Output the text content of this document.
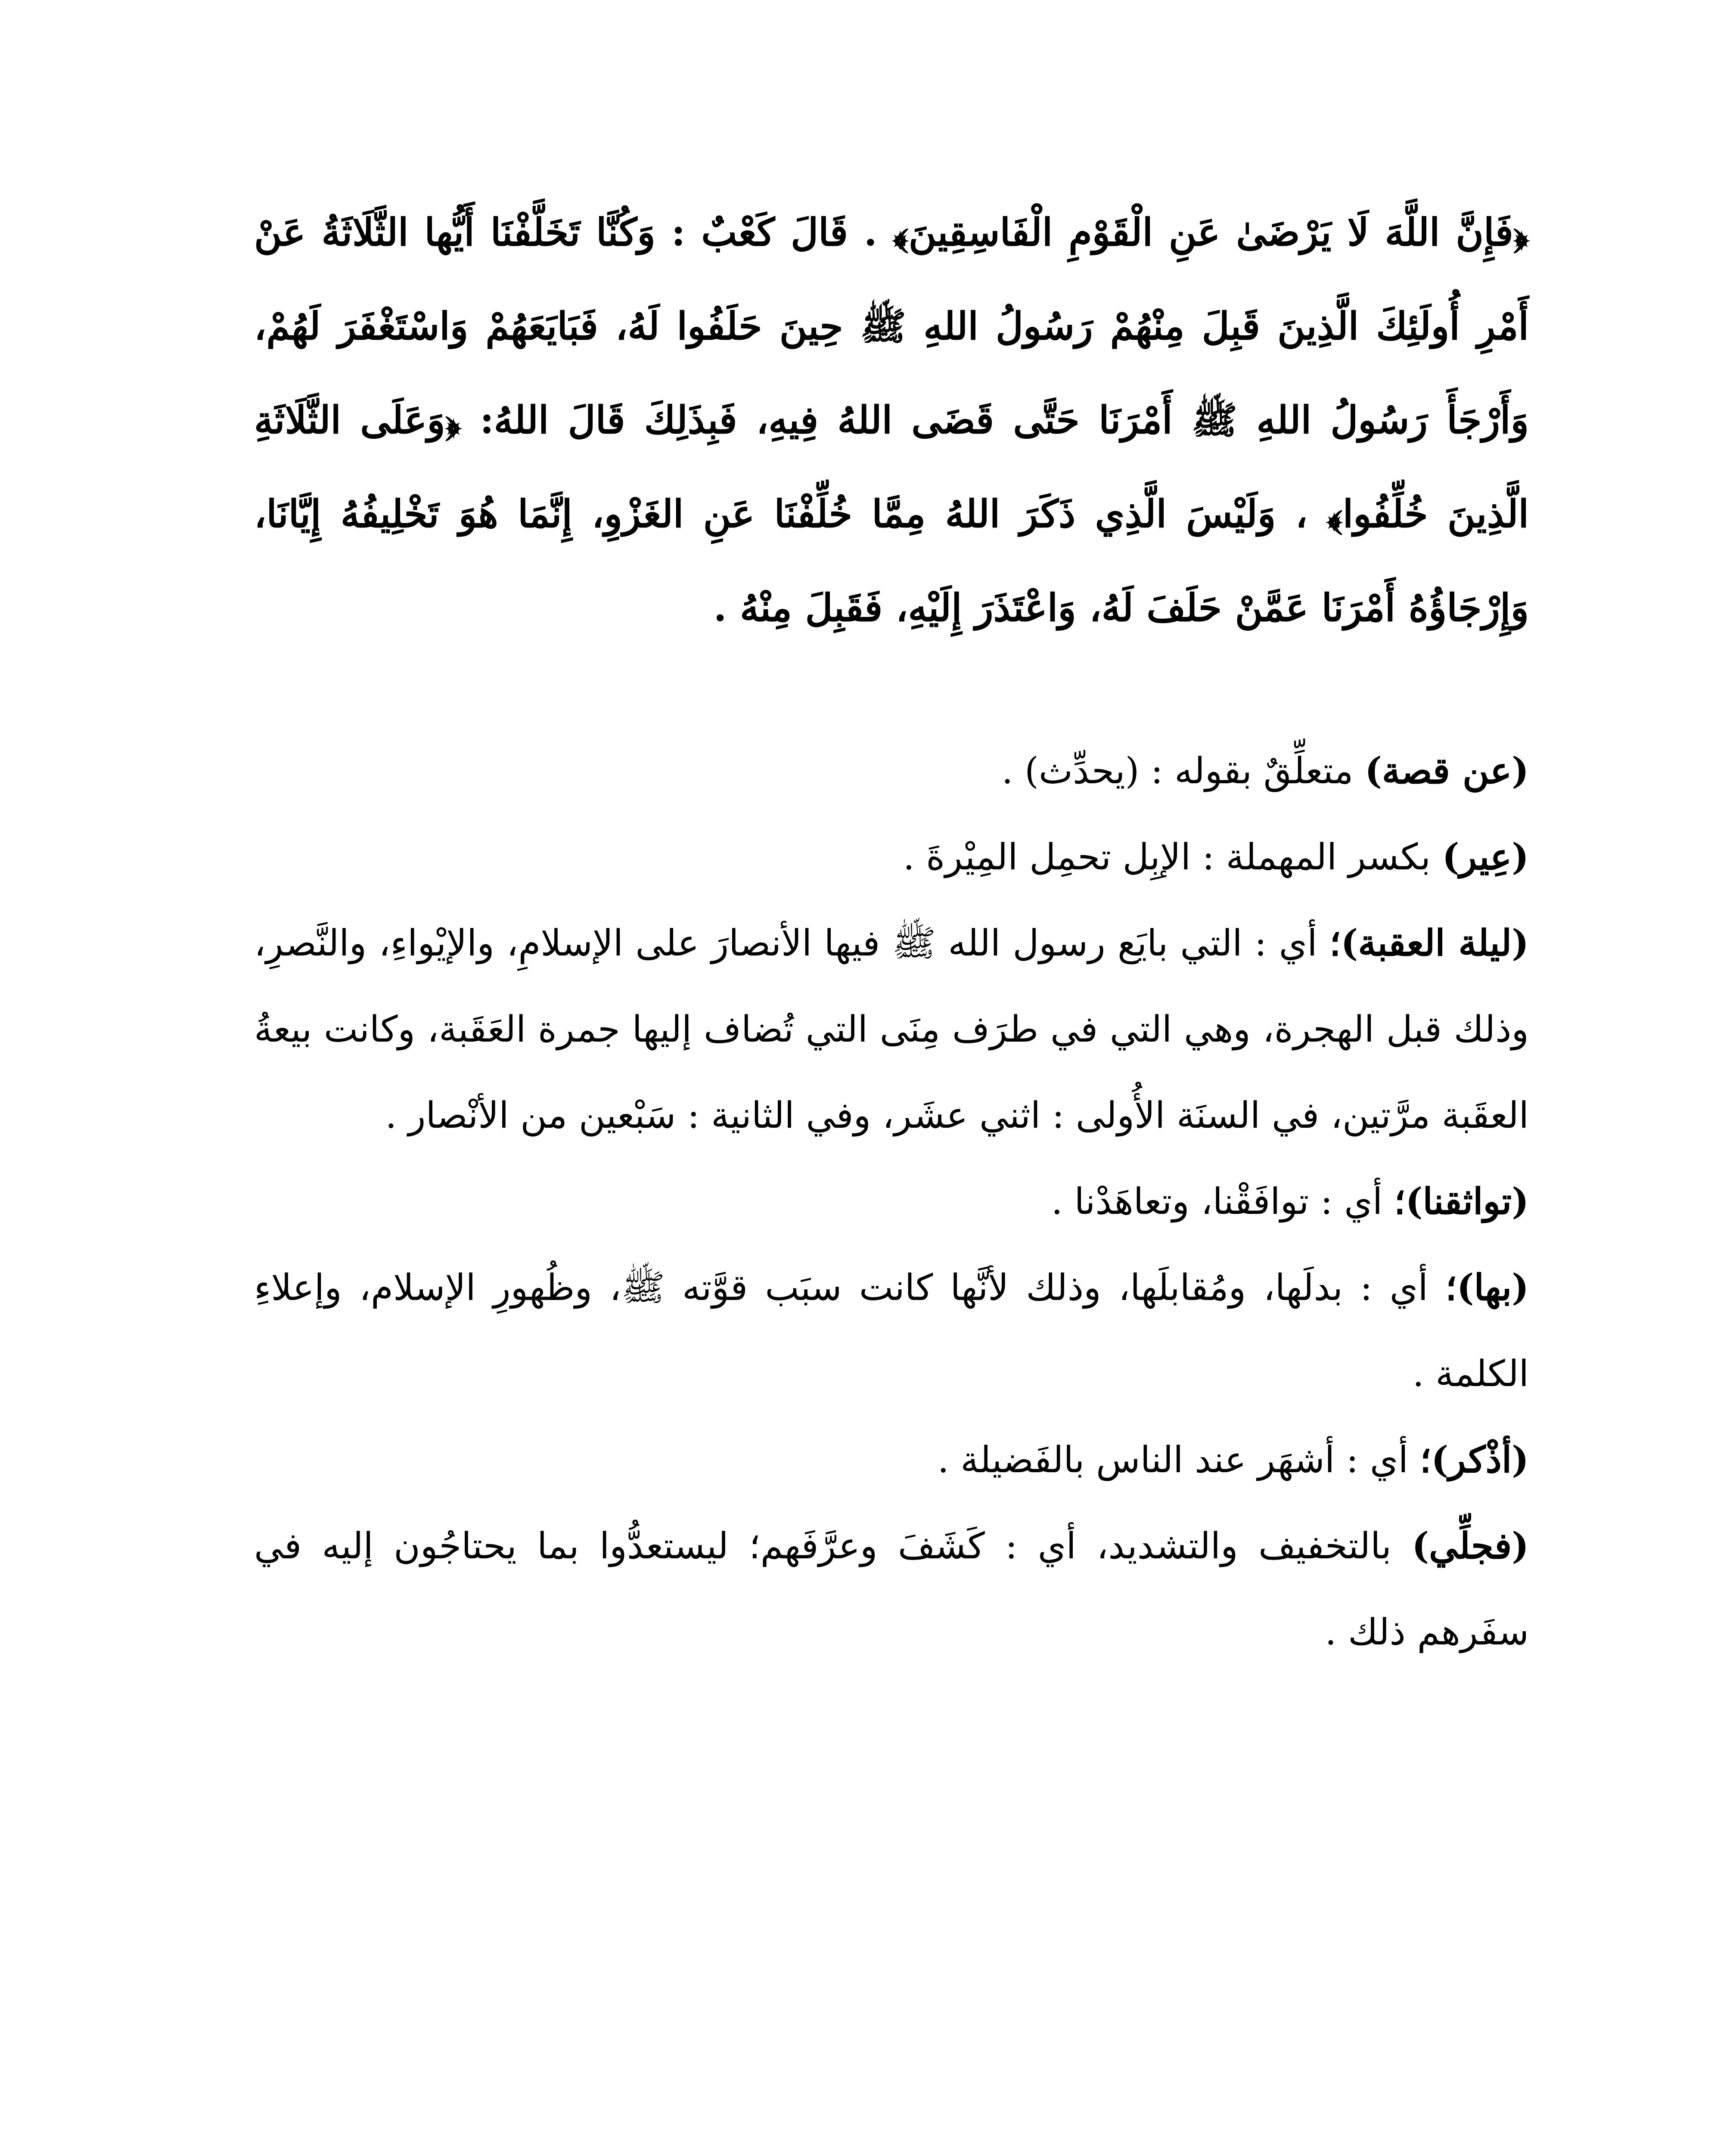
﴿فَإِنَّ اللَّهَ لَا يَرْضَىٰ عَنِ الْقَوْمِ الْفَاسِقِينَ﴾ . قَالَ كَعْبٌ : وَكُنَّا تَخَلَّفْنَا أَيُّها الثَّلَاثَةُ عَنْ أَمْرِ أُولَئِكَ الَّذِينَ قَبِلَ مِنْهُمْ رَسُولُ اللهِ ﷺ حِينَ حَلَفُوا لَهُ، فَبَايَعَهُمْ وَاسْتَغْفَرَ لَهُمْ، وَأَرْجَأَ رَسُولُ اللهِ ﷺ أَمْرَنَا حَتَّى قَضَى اللهُ فِيهِ، فَبِذَلِكَ قَالَ اللهُ: ﴿وَعَلَى الثَّلَاثَةِ الَّذِينَ خُلِّفُوا﴾ ، وَلَيْسَ الَّذِي ذَكَرَ اللهُ مِمَّا خُلِّفْنَا عَنِ الغَزْوِ، إِنَّمَا هُوَ تَخْلِيفُهُ إِيَّانَا، وَإِرْجَاؤُهُ أَمْرَنَا عَمَّنْ حَلَفَ لَهُ، وَاعْتَذَرَ إِلَيْهِ، فَقَبِلَ مِنْهُ .

(عن قصة) متعلِّقٌ بقوله : (يحدِّث) .

(عِير) بكسر المهملة : الإبِل تحمِل المِيْرةَ .

(ليلة العقبة)؛ أي : التي بايَع رسول الله ﷺ فيها الأنصارَ على الإسلامِ، والإيْواءِ، والنَّصرِ، وذلك قبل الهجرة، وهي التي في طرَف مِنَى التي تُضاف إليها جمرة العَقَبة، وكانت بيعةُ العقَبة مرَّتين، في السنَة الأُولى : اثني عشَر، وفي الثانية : سَبْعين من الأنْصار .

(تواثقنا)؛ أي : توافَقْنا، وتعاهَدْنا .

(بها)؛ أي : بدلَها، ومُقابلَها، وذلك لأنَّها كانت سبَب قوَّته ﷺ، وظُهورِ الإسلام، وإعلاءِ الكلمة .

(أذْكر)؛ أي : أشهَر عند الناس بالفَضيلة .

(فجلِّي) بالتخفيف والتشديد، أي : كَشَفَ وعرَّفَهم؛ ليستعدُّوا بما يحتاجُون إليه في سفَرهم ذلك .
